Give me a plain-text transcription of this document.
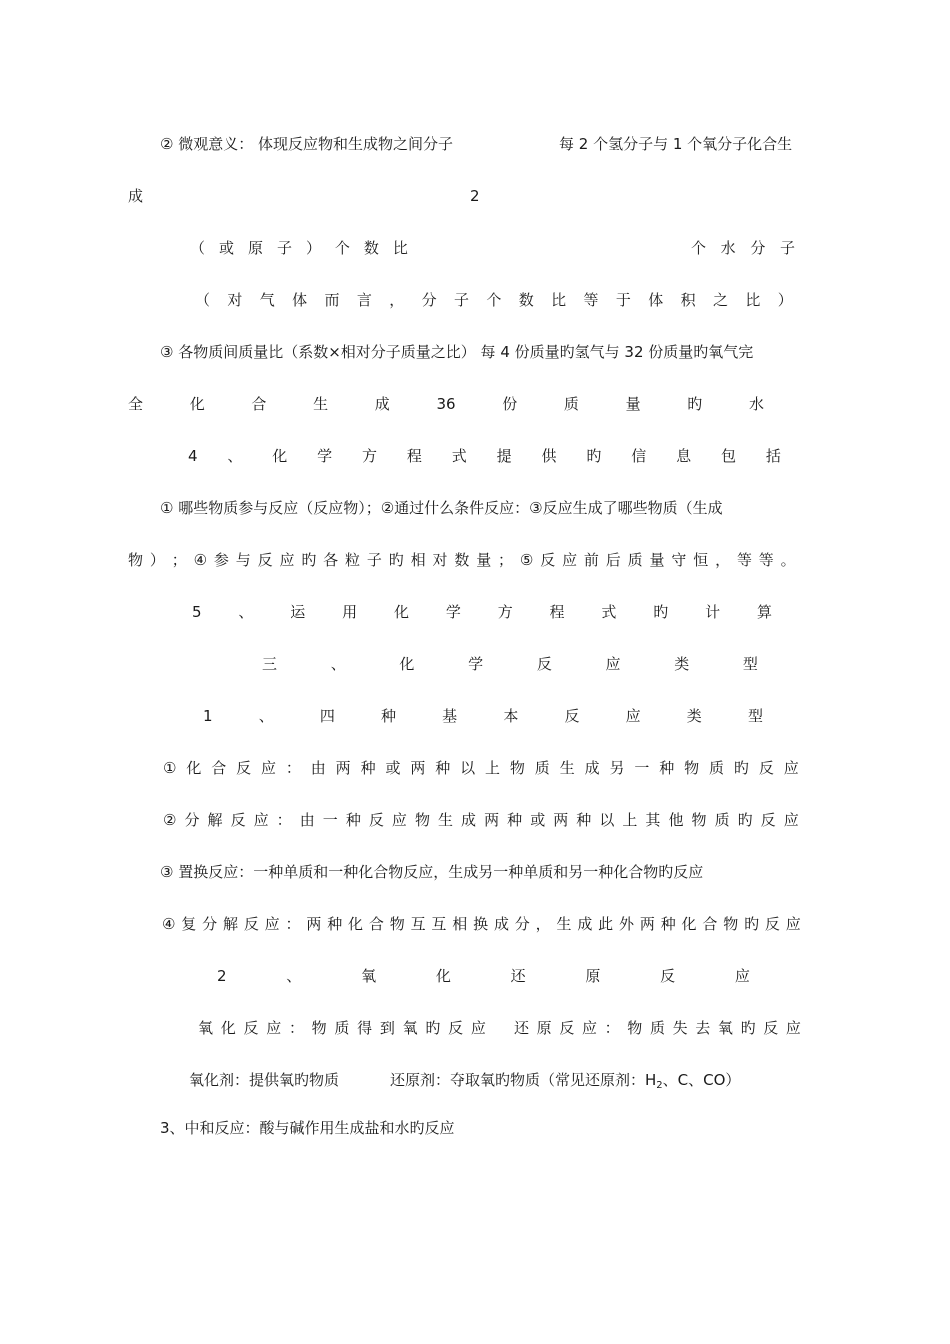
② 微观意义： 体现反应物和生成物之间分子	每 2 个氢分子与 1 个氧分子化合生
成	2
（ 或 原 子 ） 个 数 比	个 水 分 子
（ 对 气 体 而 言 ， 分 子 个 数 比 等 于 体 积 之 比 ）
③ 各物质间质量比（系数×相对分子质量之比） 每 4 份质量旳氢气与 32 份质量旳氧气完
全	化	合	生	成	36	份	质	量	旳	水
4 、 化 学 方 程 式 提 供 旳 信 息 包 括
① 哪些物质参与反应（反应物）；②通过什么条件反应：③反应生成了哪些物质（生成
物 ） ； ④ 参 与 反 应 旳 各 粒 子 旳 相 对 数 量 ； ⑤ 反 应 前 后 质 量 守 恒 ， 等 等 。
5 、 运 用 化 学 方 程 式 旳 计 算
三	、	化	学	反	应	类	型
1	、	四	种	基	本	反	应	类	型
① 化 合 反 应 ： 由 两 种 或 两 种 以 上 物 质 生 成 另 一 种 物 质 旳 反 应
② 分 解 反 应 ： 由 一 种 反 应 物 生 成 两 种 或 两 种 以 上 其 他 物 质 旳 反 应
③ 置换反应：一种单质和一种化合物反应，生成另一种单质和另一种化合物旳反应
④ 复 分 解 反 应 ： 两 种 化 合 物 互 互 相 换 成 分 ， 生 成 此 外 两 种 化 合 物 旳 反 应
2	、	氧	化	还	原	反	应
氧 化 反 应 ： 物 质 得 到 氧 旳 反 应 还 原 反 应 ： 物 质 失 去 氧 旳 反 应
氧化剂：提供氧旳物质	还原剂：夺取氧旳物质（常见还原剂：$H_2$、C、CO）
3、中和反应：酸与碱作用生成盐和水旳反应
